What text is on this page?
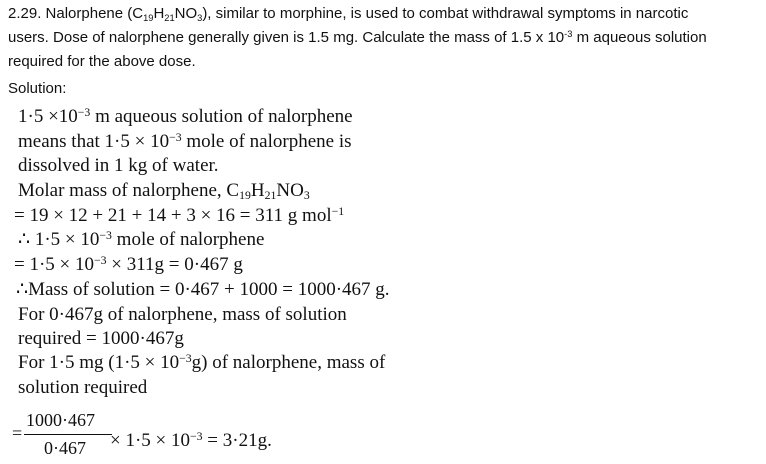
2.29. Nalorphene $(C_{19}H_{21}NO_3)$, similar to morphine, is used to combat withdrawal symptoms in narcotic
users. Dose of nalorphene generally given is 1.5 mg. Calculate the mass of 1.5 x $10^{-3}$ m aqueous solution
required for the above dose.
Solution:
$1\cdot 5 \times 10^{-3}$ m aqueous solution of nalorphene
means that $1\cdot 5 \times 10^{-3}$ mole of nalorphene is
dissolved in 1 kg of water.
Molar mass of nalorphene, $C_{19}H_{21}NO_3$
= 19 × 12 + 21 + 14 + 3 × 16 = 311 g mol$^{-1}$
∴ $1\cdot 5 \times 10^{-3}$ mole of nalorphene
= $1\cdot 5 \times 10^{-3} \times 311g = 0\cdot 467$ g
∴Mass of solution = 0·467 + 1000 = 1000·467 g.
For 0·467g of nalorphene, mass of solution
required = 1000·467g
For 1·5 mg $(1\cdot 5 \times 10^{-3}g)$ of nalorphene, mass of
solution required
=
1000·467
$0\cdot 467 \times 1\cdot 5 \times 10^{-3} = 3\cdot 21g$.
